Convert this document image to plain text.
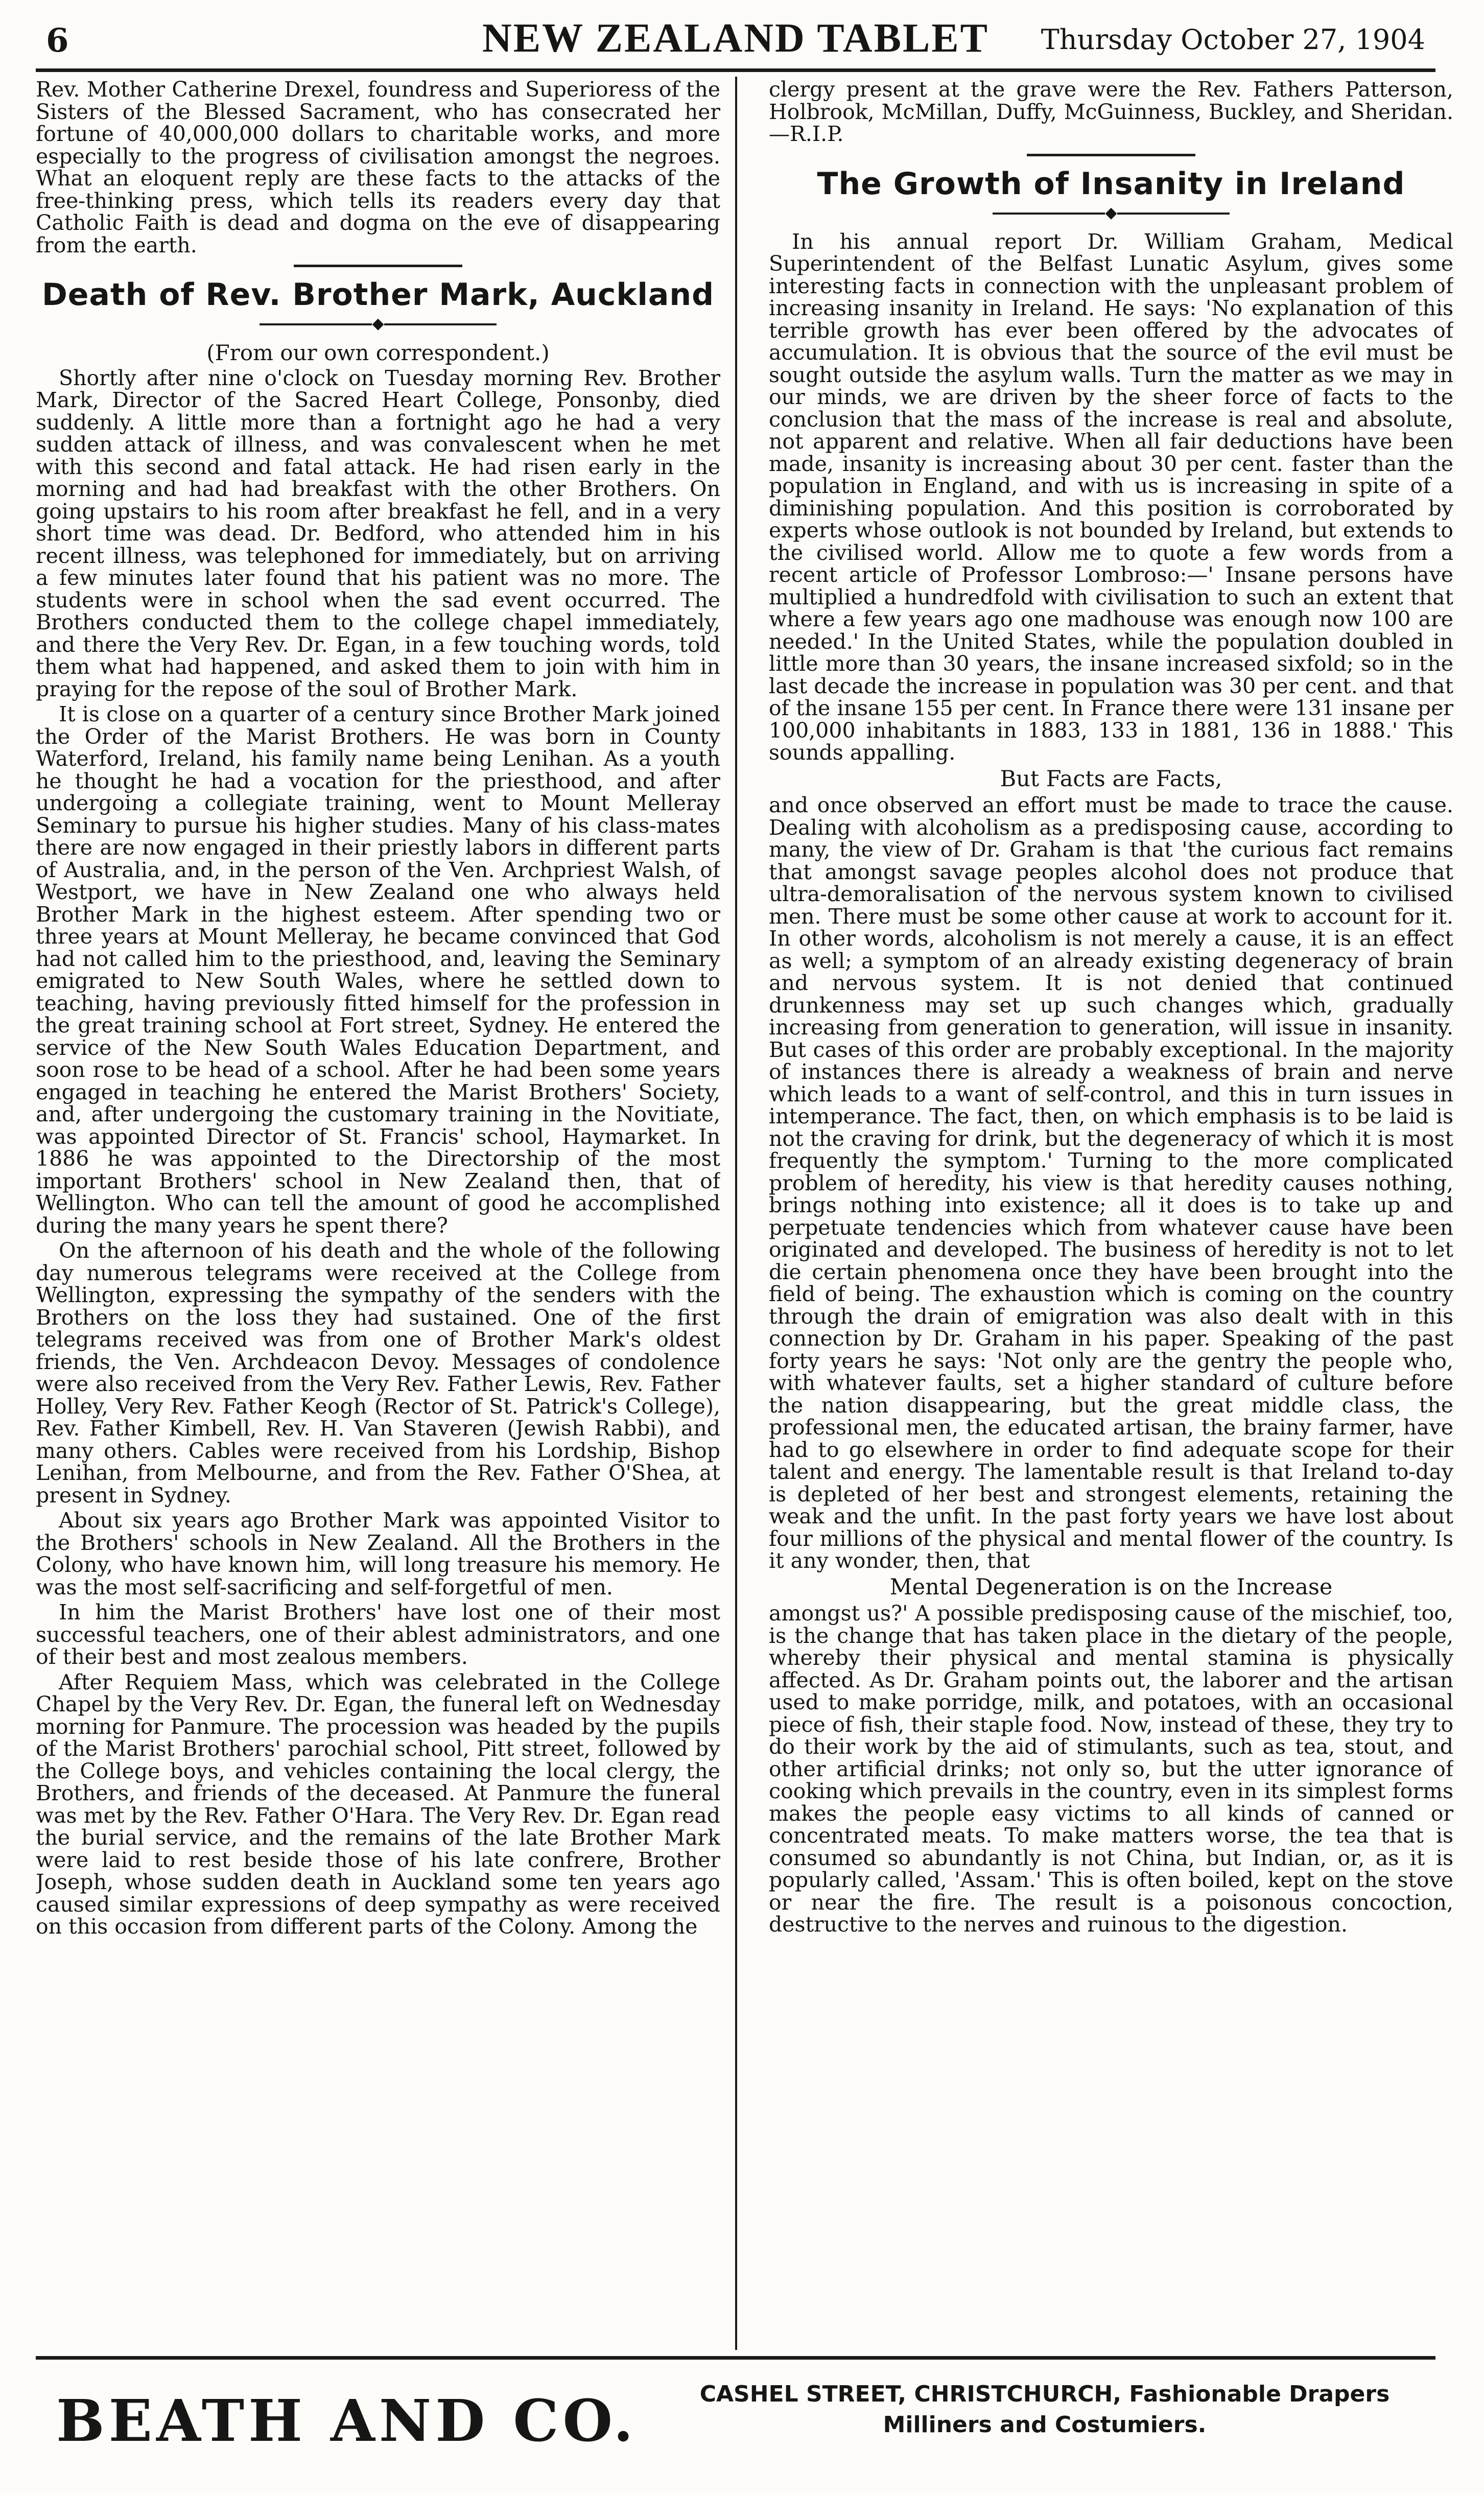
6	NEW ZEALAND TABLET	Thursday October 27, 1904

Rev. Mother Catherine Drexel, foundress and Superioress of the Sisters of the Blessed Sacrament, who has consecrated her fortune of 40,000,000 dollars to charitable works, and more especially to the progress of civilisation amongst the negroes. What an eloquent reply are these facts to the attacks of the free-thinking press, which tells its readers every day that Catholic Faith is dead and dogma on the eve of disappearing from the earth.

Death of Rev. Brother Mark, Auckland
◆
(From our own correspondent.)

Shortly after nine o'clock on Tuesday morning Rev. Brother Mark, Director of the Sacred Heart College, Ponsonby, died suddenly. A little more than a fortnight ago he had a very sudden attack of illness, and was convalescent when he met with this second and fatal attack. He had risen early in the morning and had had breakfast with the other Brothers. On going upstairs to his room after breakfast he fell, and in a very short time was dead. Dr. Bedford, who attended him in his recent illness, was telephoned for immediately, but on arriving a few minutes later found that his patient was no more. The students were in school when the sad event occurred. The Brothers conducted them to the college chapel immediately, and there the Very Rev. Dr. Egan, in a few touching words, told them what had happened, and asked them to join with him in praying for the repose of the soul of Brother Mark.

It is close on a quarter of a century since Brother Mark joined the Order of the Marist Brothers. He was born in County Waterford, Ireland, his family name being Lenihan. As a youth he thought he had a vocation for the priesthood, and after undergoing a collegiate training, went to Mount Melleray Seminary to pursue his higher studies. Many of his class-mates there are now engaged in their priestly labors in different parts of Australia, and, in the person of the Ven. Archpriest Walsh, of Westport, we have in New Zealand one who always held Brother Mark in the highest esteem. After spending two or three years at Mount Melleray, he became convinced that God had not called him to the priesthood, and, leaving the Seminary emigrated to New South Wales, where he settled down to teaching, having previously fitted himself for the profession in the great training school at Fort street, Sydney. He entered the service of the New South Wales Education Department, and soon rose to be head of a school. After he had been some years engaged in teaching he entered the Marist Brothers' Society, and, after undergoing the customary training in the Novitiate, was appointed Director of St. Francis' school, Haymarket. In 1886 he was appointed to the Directorship of the most important Brothers' school in New Zealand then, that of Wellington. Who can tell the amount of good he accomplished during the many years he spent there?

On the afternoon of his death and the whole of the following day numerous telegrams were received at the College from Wellington, expressing the sympathy of the senders with the Brothers on the loss they had sustained. One of the first telegrams received was from one of Brother Mark's oldest friends, the Ven. Archdeacon Devoy. Messages of condolence were also received from the Very Rev. Father Lewis, Rev. Father Holley, Very Rev. Father Keogh (Rector of St. Patrick's College), Rev. Father Kimbell, Rev. H. Van Staveren (Jewish Rabbi), and many others. Cables were received from his Lordship, Bishop Lenihan, from Melbourne, and from the Rev. Father O'Shea, at present in Sydney.

About six years ago Brother Mark was appointed Visitor to the Brothers' schools in New Zealand. All the Brothers in the Colony, who have known him, will long treasure his memory. He was the most self-sacrificing and self-forgetful of men.

In him the Marist Brothers' have lost one of their most successful teachers, one of their ablest administrators, and one of their best and most zealous members.

After Requiem Mass, which was celebrated in the College Chapel by the Very Rev. Dr. Egan, the funeral left on Wednesday morning for Panmure. The procession was headed by the pupils of the Marist Brothers' parochial school, Pitt street, followed by the College boys, and vehicles containing the local clergy, the Brothers, and friends of the deceased. At Panmure the funeral was met by the Rev. Father O'Hara. The Very Rev. Dr. Egan read the burial service, and the remains of the late Brother Mark were laid to rest beside those of his late confrere, Brother Joseph, whose sudden death in Auckland some ten years ago caused similar expressions of deep sympathy as were received on this occasion from different parts of the Colony. Among the

clergy present at the grave were the Rev. Fathers Patterson, Holbrook, McMillan, Duffy, McGuinness, Buckley, and Sheridan.—R.I.P.

The Growth of Insanity in Ireland
◆

In his annual report Dr. William Graham, Medical Superintendent of the Belfast Lunatic Asylum, gives some interesting facts in connection with the unpleasant problem of increasing insanity in Ireland. He says: 'No explanation of this terrible growth has ever been offered by the advocates of accumulation. It is obvious that the source of the evil must be sought outside the asylum walls. Turn the matter as we may in our minds, we are driven by the sheer force of facts to the conclusion that the mass of the increase is real and absolute, not apparent and relative. When all fair deductions have been made, insanity is increasing about 30 per cent. faster than the population in England, and with us is increasing in spite of a diminishing population. And this position is corroborated by experts whose outlook is not bounded by Ireland, but extends to the civilised world. Allow me to quote a few words from a recent article of Professor Lombroso:—' Insane persons have multiplied a hundredfold with civilisation to such an extent that where a few years ago one madhouse was enough now 100 are needed.' In the United States, while the population doubled in little more than 30 years, the insane increased sixfold; so in the last decade the increase in population was 30 per cent. and that of the insane 155 per cent. In France there were 131 insane per 100,000 inhabitants in 1883, 133 in 1881, 136 in 1888.' This sounds appalling.

But Facts are Facts,

and once observed an effort must be made to trace the cause. Dealing with alcoholism as a predisposing cause, according to many, the view of Dr. Graham is that 'the curious fact remains that amongst savage peoples alcohol does not produce that ultra-demoralisation of the nervous system known to civilised men. There must be some other cause at work to account for it. In other words, alcoholism is not merely a cause, it is an effect as well; a symptom of an already existing degeneracy of brain and nervous system. It is not denied that continued drunkenness may set up such changes which, gradually increasing from generation to generation, will issue in insanity. But cases of this order are probably exceptional. In the majority of instances there is already a weakness of brain and nerve which leads to a want of self-control, and this in turn issues in intemperance. The fact, then, on which emphasis is to be laid is not the craving for drink, but the degeneracy of which it is most frequently the symptom.' Turning to the more complicated problem of heredity, his view is that heredity causes nothing, brings nothing into existence; all it does is to take up and perpetuate tendencies which from whatever cause have been originated and developed. The business of heredity is not to let die certain phenomena once they have been brought into the field of being. The exhaustion which is coming on the country through the drain of emigration was also dealt with in this connection by Dr. Graham in his paper. Speaking of the past forty years he says: 'Not only are the gentry the people who, with whatever faults, set a higher standard of culture before the nation disappearing, but the great middle class, the professional men, the educated artisan, the brainy farmer, have had to go elsewhere in order to find adequate scope for their talent and energy. The lamentable result is that Ireland to-day is depleted of her best and strongest elements, retaining the weak and the unfit. In the past forty years we have lost about four millions of the physical and mental flower of the country. Is it any wonder, then, that

Mental Degeneration is on the Increase

amongst us?' A possible predisposing cause of the mischief, too, is the change that has taken place in the dietary of the people, whereby their physical and mental stamina is physically affected. As Dr. Graham points out, the laborer and the artisan used to make porridge, milk, and potatoes, with an occasional piece of fish, their staple food. Now, instead of these, they try to do their work by the aid of stimulants, such as tea, stout, and other artificial drinks; not only so, but the utter ignorance of cooking which prevails in the country, even in its simplest forms makes the people easy victims to all kinds of canned or concentrated meats. To make matters worse, the tea that is consumed so abundantly is not China, but Indian, or, as it is popularly called, 'Assam.' This is often boiled, kept on the stove or near the fire. The result is a poisonous concoction, destructive to the nerves and ruinous to the digestion.

BEATH AND CO.	CASHEL STREET, CHRISTCHURCH, Fashionable Drapers
Milliners and Costumiers.
